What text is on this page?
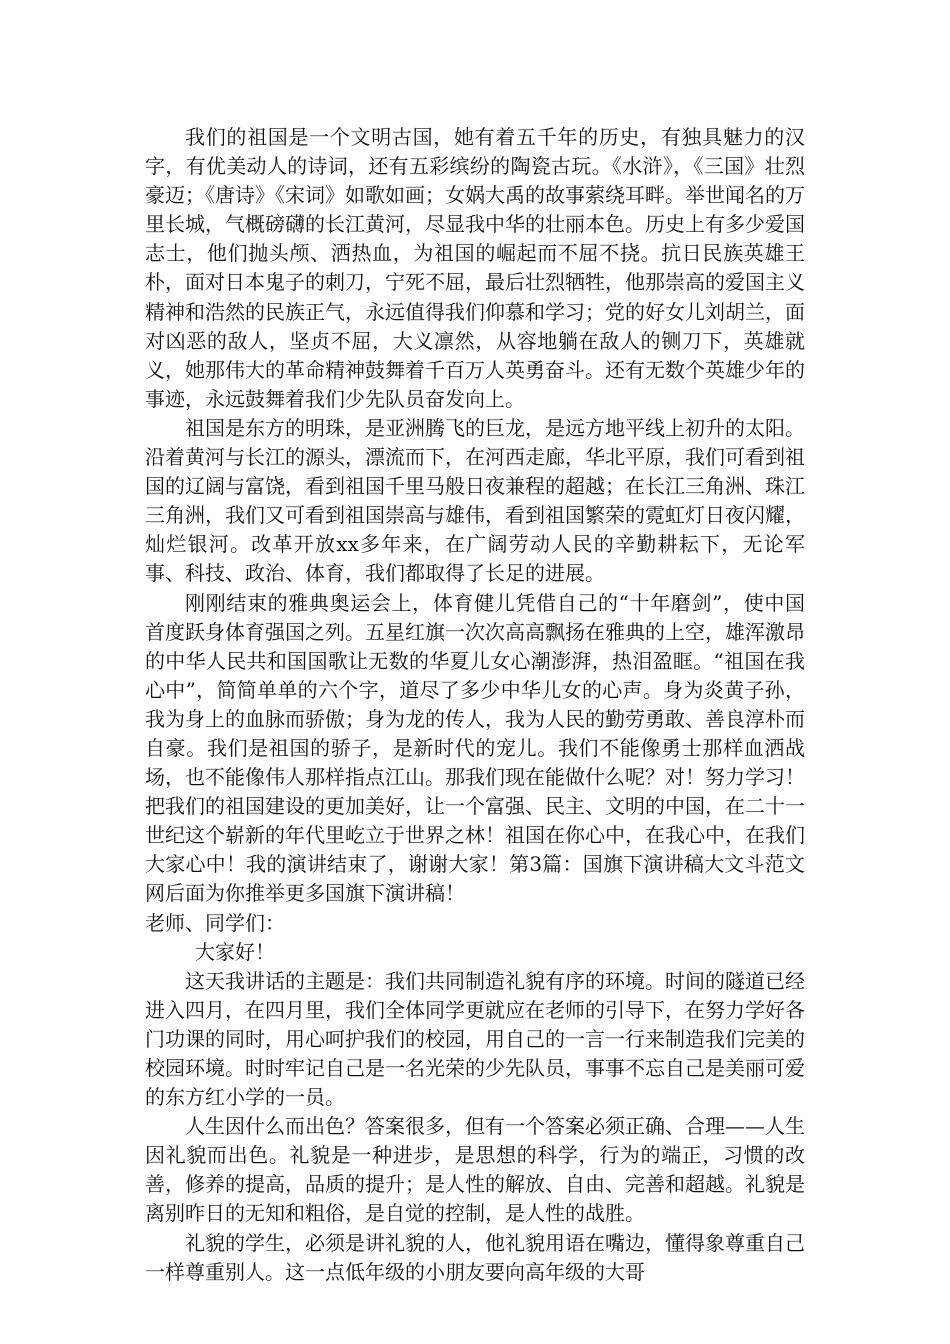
我们的祖国是一个文明古国，她有着五千年的历史，有独具魅力的汉字，有优美动人的诗词，还有五彩缤纷的陶瓷古玩。《水浒》，《三国》壮烈豪迈；《唐诗》《宋词》如歌如画；女娲大禹的故事萦绕耳畔。举世闻名的万里长城，气概磅礴的长江黄河，尽显我中华的壮丽本色。历史上有多少爱国志士，他们抛头颅、洒热血，为祖国的崛起而不屈不挠。抗日民族英雄王朴，面对日本鬼子的刺刀，宁死不屈，最后壮烈牺牲，他那崇高的爱国主义精神和浩然的民族正气，永远值得我们仰慕和学习；党的好女儿刘胡兰，面对凶恶的敌人，坚贞不屈，大义凛然，从容地躺在敌人的铡刀下，英雄就义，她那伟大的革命精神鼓舞着千百万人英勇奋斗。还有无数个英雄少年的事迹，永远鼓舞着我们少先队员奋发向上。

祖国是东方的明珠，是亚洲腾飞的巨龙，是远方地平线上初升的太阳。沿着黄河与长江的源头，漂流而下，在河西走廊，华北平原，我们可看到祖国的辽阔与富饶，看到祖国千里马般日夜兼程的超越；在长江三角洲、珠江三角洲，我们又可看到祖国崇高与雄伟，看到祖国繁荣的霓虹灯日夜闪耀，灿烂银河。改革开放xx多年来，在广阔劳动人民的辛勤耕耘下，无论军事、科技、政治、体育，我们都取得了长足的进展。

刚刚结束的雅典奥运会上，体育健儿凭借自己的“十年磨剑”，使中国首度跃身体育强国之列。五星红旗一次次高高飘扬在雅典的上空，雄浑激昂的中华人民共和国国歌让无数的华夏儿女心潮澎湃，热泪盈眶。“祖国在我心中”，简简单单的六个字，道尽了多少中华儿女的心声。身为炎黄子孙，我为身上的血脉而骄傲；身为龙的传人，我为人民的勤劳勇敢、善良淳朴而自豪。我们是祖国的骄子，是新时代的宠儿。我们不能像勇士那样血洒战场，也不能像伟人那样指点江山。那我们现在能做什么呢？对！努力学习！把我们的祖国建设的更加美好，让一个富强、民主、文明的中国，在二十一世纪这个崭新的年代里屹立于世界之林！祖国在你心中，在我心中，在我们大家心中！我的演讲结束了，谢谢大家！第3篇：国旗下演讲稿大文斗范文网后面为你推举更多国旗下演讲稿！

老师、同学们：

大家好！

这天我讲话的主题是：我们共同制造礼貌有序的环境。时间的隧道已经进入四月，在四月里，我们全体同学更就应在老师的引导下，在努力学好各门功课的同时，用心呵护我们的校园，用自己的一言一行来制造我们完美的校园环境。时时牢记自己是一名光荣的少先队员，事事不忘自己是美丽可爱的东方红小学的一员。

人生因什么而出色？答案很多，但有一个答案必须正确、合理——人生因礼貌而出色。礼貌是一种进步，是思想的科学，行为的端正，习惯的改善，修养的提高，品质的提升；是人性的解放、自由、完善和超越。礼貌是离别昨日的无知和粗俗，是自觉的控制，是人性的战胜。

礼貌的学生，必须是讲礼貌的人，他礼貌用语在嘴边，懂得象尊重自己一样尊重别人。这一点低年级的小朋友要向高年级的大哥
